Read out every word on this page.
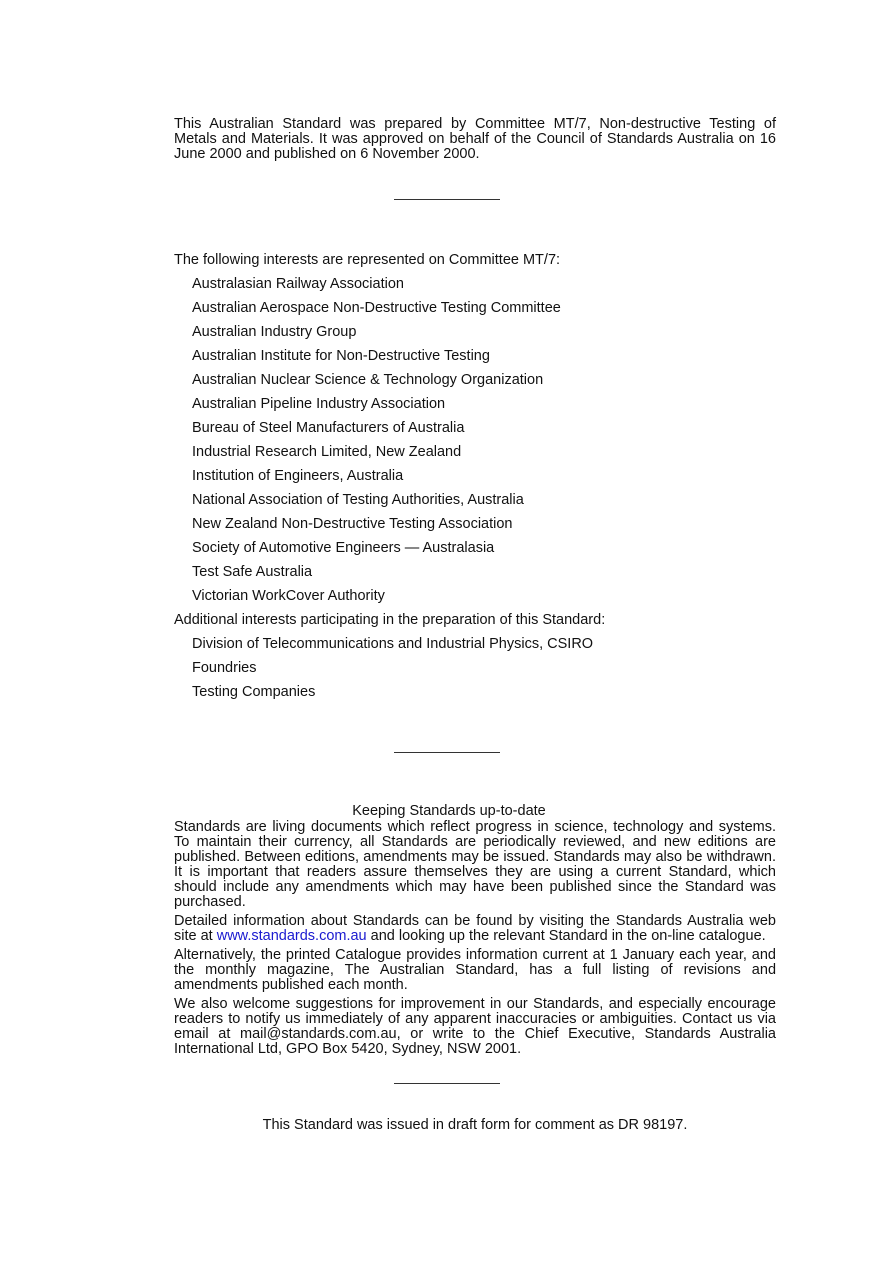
This Australian Standard was prepared by Committee MT/7, Non-destructive Testing of Metals and Materials. It was approved on behalf of the Council of Standards Australia on 16 June 2000 and published on 6 November 2000.

The following interests are represented on Committee MT/7:

Australasian Railway Association
Australian Aerospace Non-Destructive Testing Committee
Australian Industry Group
Australian Institute for Non-Destructive Testing
Australian Nuclear Science & Technology Organization
Australian Pipeline Industry Association
Bureau of Steel Manufacturers of Australia
Industrial Research Limited, New Zealand
Institution of Engineers, Australia
National Association of Testing Authorities, Australia
New Zealand Non-Destructive Testing Association
Society of Automotive Engineers — Australasia
Test Safe Australia
Victorian WorkCover Authority

Additional interests participating in the preparation of this Standard:

Division of Telecommunications and Industrial Physics, CSIRO
Foundries
Testing Companies

Keeping Standards up-to-date

Standards are living documents which reflect progress in science, technology and systems. To maintain their currency, all Standards are periodically reviewed, and new editions are published. Between editions, amendments may be issued. Standards may also be withdrawn. It is important that readers assure themselves they are using a current Standard, which should include any amendments which may have been published since the Standard was purchased.

Detailed information about Standards can be found by visiting the Standards Australia web site at www.standards.com.au and looking up the relevant Standard in the on-line catalogue.

Alternatively, the printed Catalogue provides information current at 1 January each year, and the monthly magazine, The Australian Standard, has a full listing of revisions and amendments published each month.

We also welcome suggestions for improvement in our Standards, and especially encourage readers to notify us immediately of any apparent inaccuracies or ambiguities. Contact us via email at mail@standards.com.au, or write to the Chief Executive, Standards Australia International Ltd, GPO Box 5420, Sydney, NSW 2001.

This Standard was issued in draft form for comment as DR 98197.
